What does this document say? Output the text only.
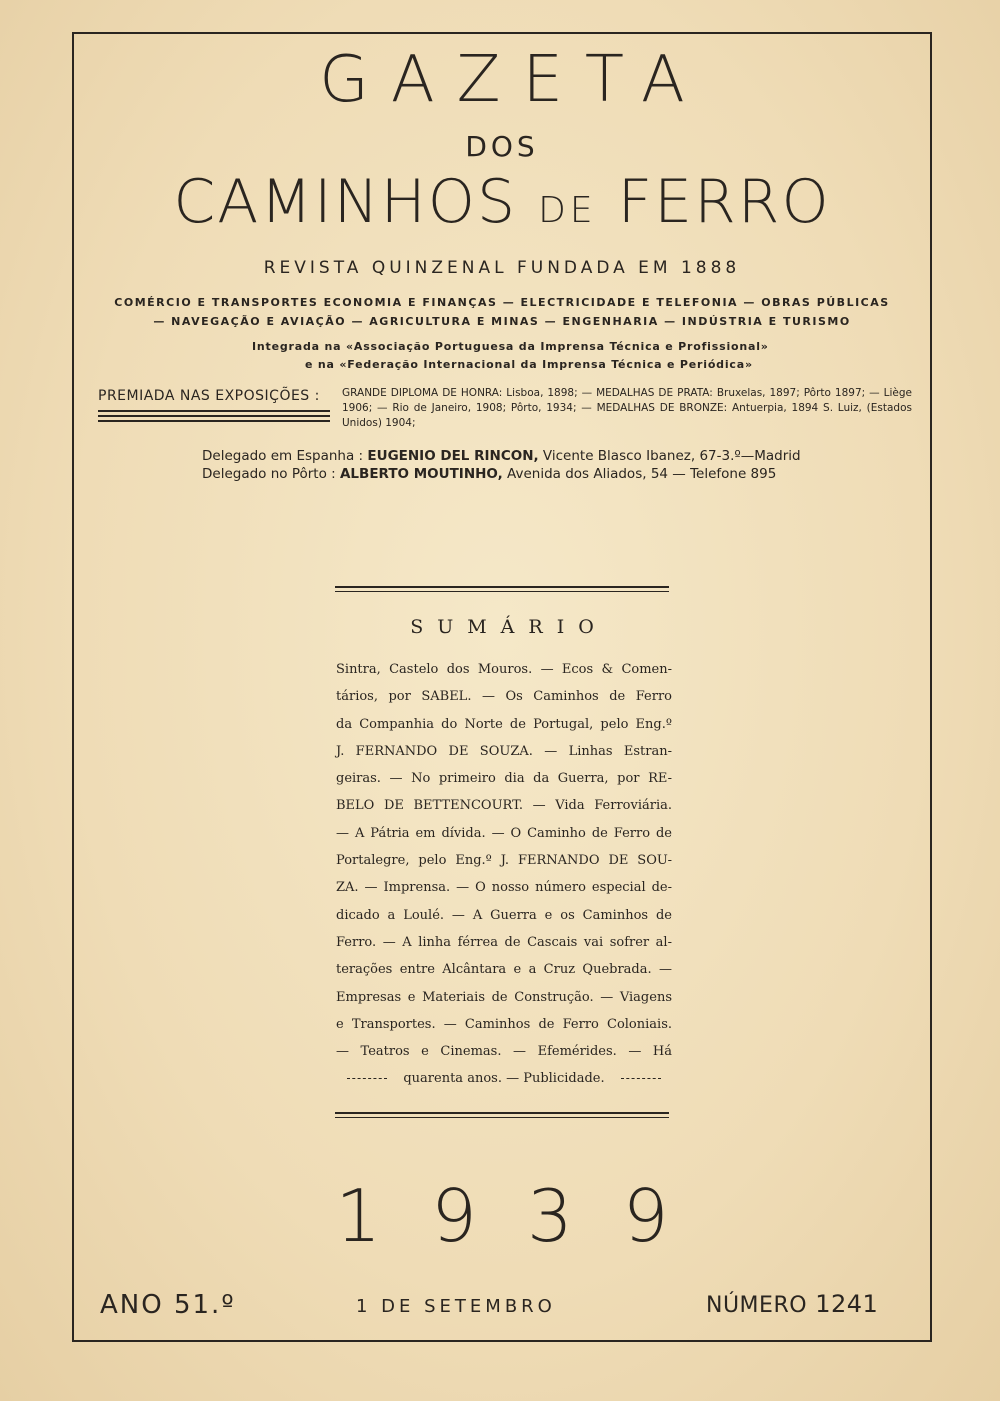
GAZETA
DOS
CAMINHOS DE FERRO
REVISTA QUINZENAL FUNDADA EM 1888
COMÉRCIO E TRANSPORTES ECONOMIA E FINANÇAS — ELECTRICIDADE E TELEFONIA — OBRAS PÚBLICAS
— NAVEGAÇÃO E AVIAÇÃO — AGRICULTURA E MINAS — ENGENHARIA — INDÚSTRIA E TURISMO
Integrada na «Associação Portuguesa da Imprensa Técnica e Profissional»
e na «Federação Internacional da Imprensa Técnica e Periódica»
PREMIADA NAS EXPOSIÇÕES : GRANDE DIPLOMA DE HONRA: Lisboa, 1898; — MEDALHAS DE PRATA: Bruxelas, 1897; Pôrto 1897; — Liège 1906; — Rio de Janeiro, 1908; Pôrto, 1934; — MEDALHAS DE BRONZE: Antuerpia, 1894 S. Luiz, (Estados Unidos) 1904;
Delegado em Espanha : EUGENIO DEL RINCON, Vicente Blasco Ibanez, 67-3.º—Madrid
Delegado no Pôrto : ALBERTO MOUTINHO, Avenida dos Aliados, 54 — Telefone 895
SUMÁRIO
Sintra, Castelo dos Mouros. — Ecos & Comen-
tários, por SABEL. — Os Caminhos de Ferro
da Companhia do Norte de Portugal, pelo Eng.º
J. FERNANDO DE SOUZA. — Linhas Estran-
geiras. — No primeiro dia da Guerra, por RE-
BELO DE BETTENCOURT. — Vida Ferroviária.
— A Pátria em dívida. — O Caminho de Ferro de
Portalegre, pelo Eng.º J. FERNANDO DE SOU-
ZA. — Imprensa. — O nosso número especial de-
dicado a Loulé. — A Guerra e os Caminhos de
Ferro. — A linha férrea de Cascais vai sofrer al-
terações entre Alcântara e a Cruz Quebrada. —
Empresas e Materiais de Construção. — Viagens
e Transportes. — Caminhos de Ferro Coloniais.
— Teatros e Cinemas. — Efemérides. — Há
quarenta anos. — Publicidade.
1939
ANO 51.º	1 DE SETEMBRO	NÚMERO 1241
